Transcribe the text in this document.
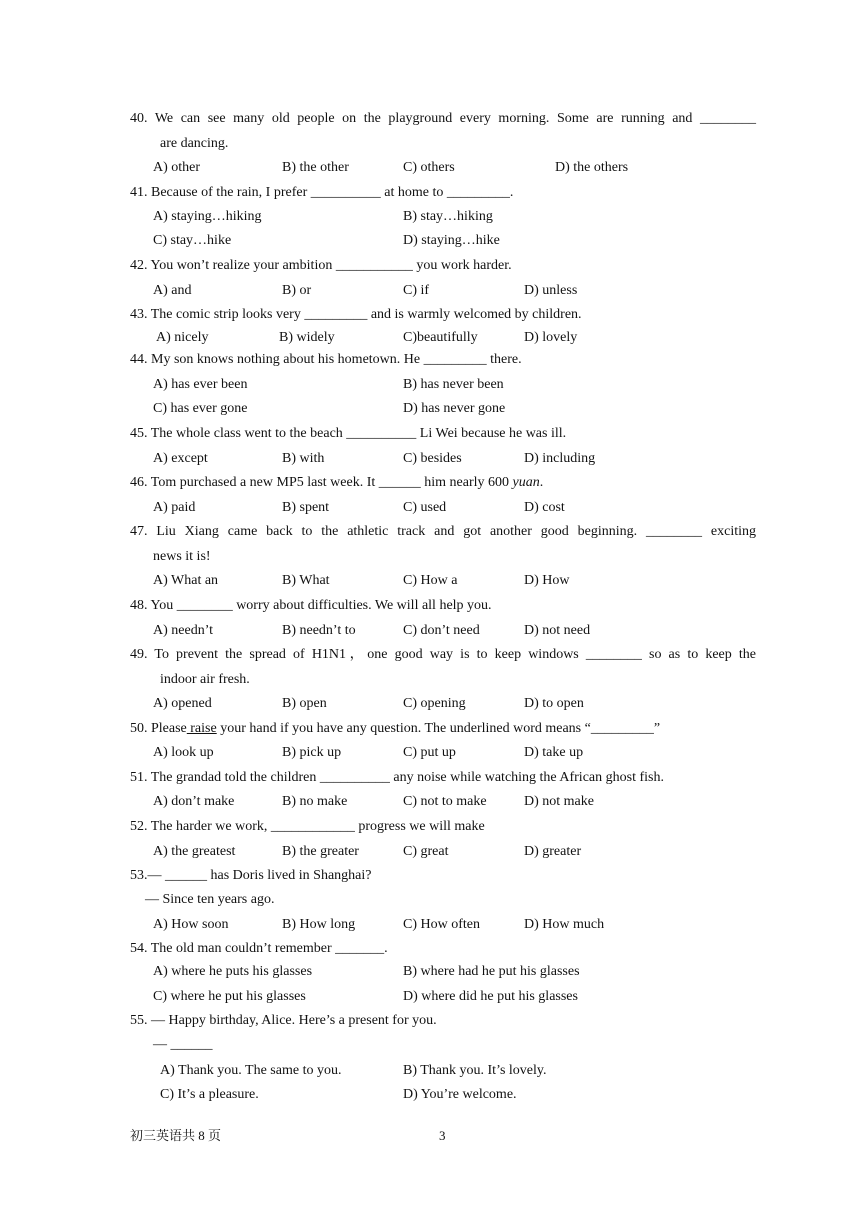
40. We can see many old people on the playground every morning. Some are running and ________
are dancing.
A) other	B) the other	C) others	D) the others
41. Because of the rain, I prefer __________ at home to _________.
A) staying…hiking	B) stay…hiking
C) stay…hike	D) staying…hike
42. You won’t realize your ambition ___________ you work harder.
A) and	B) or	C) if	D) unless
43. The comic strip looks very _________ and is warmly welcomed by children.
A) nicely	B) widely	C)beautifully	D) lovely
44. My son knows nothing about his hometown. He _________ there.
A) has ever been	B) has never been
C) has ever gone	D) has never gone
45. The whole class went to the beach __________ Li Wei because he was ill.
A) except	B) with	C) besides	D) including
46. Tom purchased a new MP5 last week. It ______ him nearly 600 yuan.
A) paid	B) spent	C) used	D) cost
47. Liu Xiang came back to the athletic track and got another good beginning. ________ exciting
news it is!
A) What an	B) What	C) How a	D) How
48. You ________ worry about difficulties. We will all help you.
A) needn’t	B) needn’t to	C) don’t need	D) not need
49. To prevent the spread of H1N1，one good way is to keep windows ________ so as to keep the
indoor air fresh.
A) opened	B) open	C) opening	D) to open
50. Please raise your hand if you have any question. The underlined word means “_________”
A) look up	B) pick up	C) put up	D) take up
51. The grandad told the children __________ any noise while watching the African ghost fish.
A) don’t make	B) no make	C) not to make	D) not make
52. The harder we work, ____________ progress we will make
A) the greatest	B) the greater	C) great	D) greater
53.— ______ has Doris lived in Shanghai?
— Since ten years ago.
A) How soon	B) How long	C) How often	D) How much
54. The old man couldn’t remember _______.
A) where he puts his glasses	B) where had he put his glasses
C) where he put his glasses	D) where did he put his glasses
55. — Happy birthday, Alice. Here’s a present for you.
— ______
A) Thank you. The same to you.	B) Thank you. It’s lovely.
C) It’s a pleasure.	D) You’re welcome.
初三英语共 8 页	3
